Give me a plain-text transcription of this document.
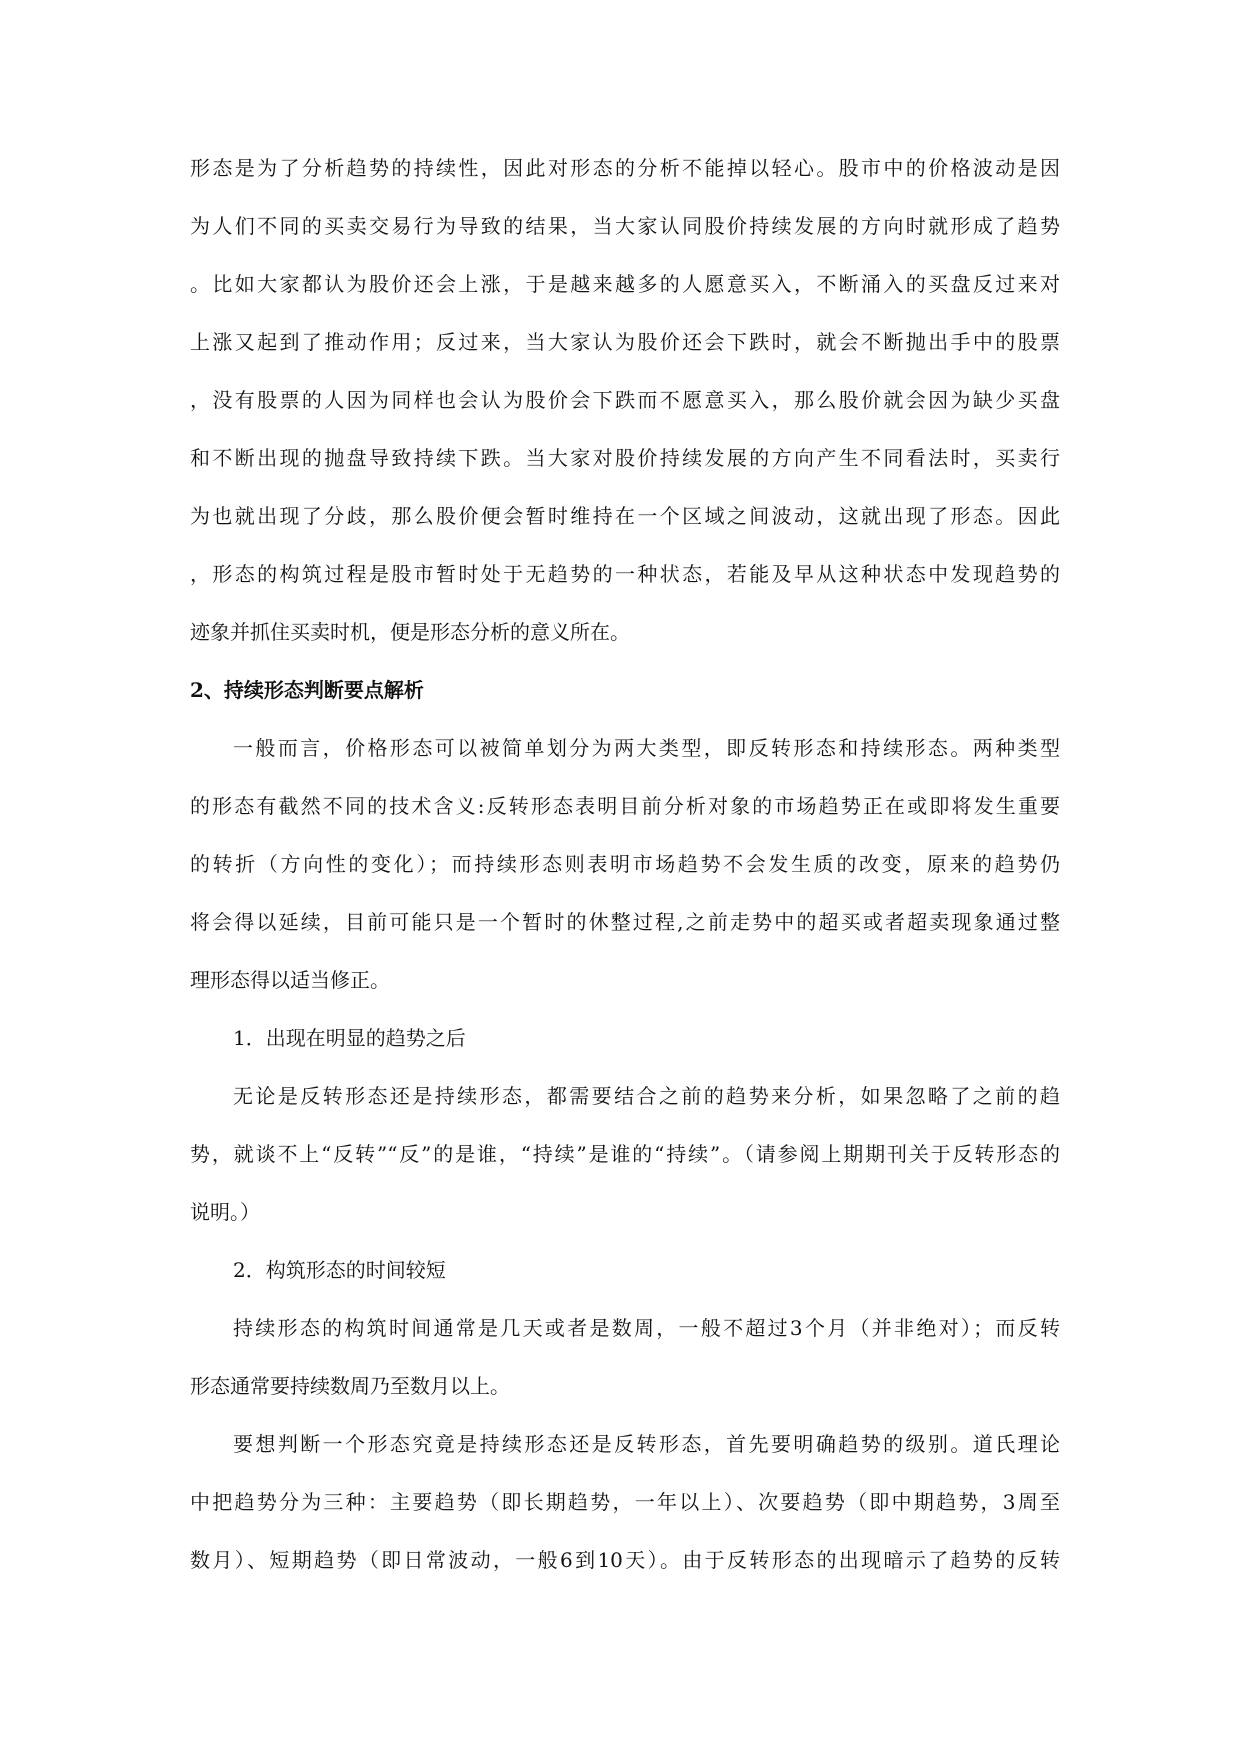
形态是为了分析趋势的持续性，因此对形态的分析不能掉以轻心。股市中的价格波动是因
为人们不同的买卖交易行为导致的结果，当大家认同股价持续发展的方向时就形成了趋势
。比如大家都认为股价还会上涨，于是越来越多的人愿意买入，不断涌入的买盘反过来对
上涨又起到了推动作用；反过来，当大家认为股价还会下跌时，就会不断抛出手中的股票
，没有股票的人因为同样也会认为股价会下跌而不愿意买入，那么股价就会因为缺少买盘
和不断出现的抛盘导致持续下跌。当大家对股价持续发展的方向产生不同看法时，买卖行
为也就出现了分歧，那么股价便会暂时维持在一个区域之间波动，这就出现了形态。因此
，形态的构筑过程是股市暂时处于无趋势的一种状态，若能及早从这种状态中发现趋势的
迹象并抓住买卖时机，便是形态分析的意义所在。
2、持续形态判断要点解析
一般而言，价格形态可以被简单划分为两大类型，即反转形态和持续形态。两种类型
的形态有截然不同的技术含义:反转形态表明目前分析对象的市场趋势正在或即将发生重要
的转折（方向性的变化）；而持续形态则表明市场趋势不会发生质的改变，原来的趋势仍
将会得以延续，目前可能只是一个暂时的休整过程,之前走势中的超买或者超卖现象通过整
理形态得以适当修正。
1．出现在明显的趋势之后
无论是反转形态还是持续形态，都需要结合之前的趋势来分析，如果忽略了之前的趋
势，就谈不上“反转”“反”的是谁，“持续”是谁的“持续”。（请参阅上期期刊关于反转形态的
说明。）
2．构筑形态的时间较短
持续形态的构筑时间通常是几天或者是数周，一般不超过3个月（并非绝对）；而反转
形态通常要持续数周乃至数月以上。
要想判断一个形态究竟是持续形态还是反转形态，首先要明确趋势的级别。道氏理论
中把趋势分为三种：主要趋势（即长期趋势，一年以上）、次要趋势（即中期趋势，3周至
数月）、短期趋势（即日常波动，一般6到10天）。由于反转形态的出现暗示了趋势的反转
